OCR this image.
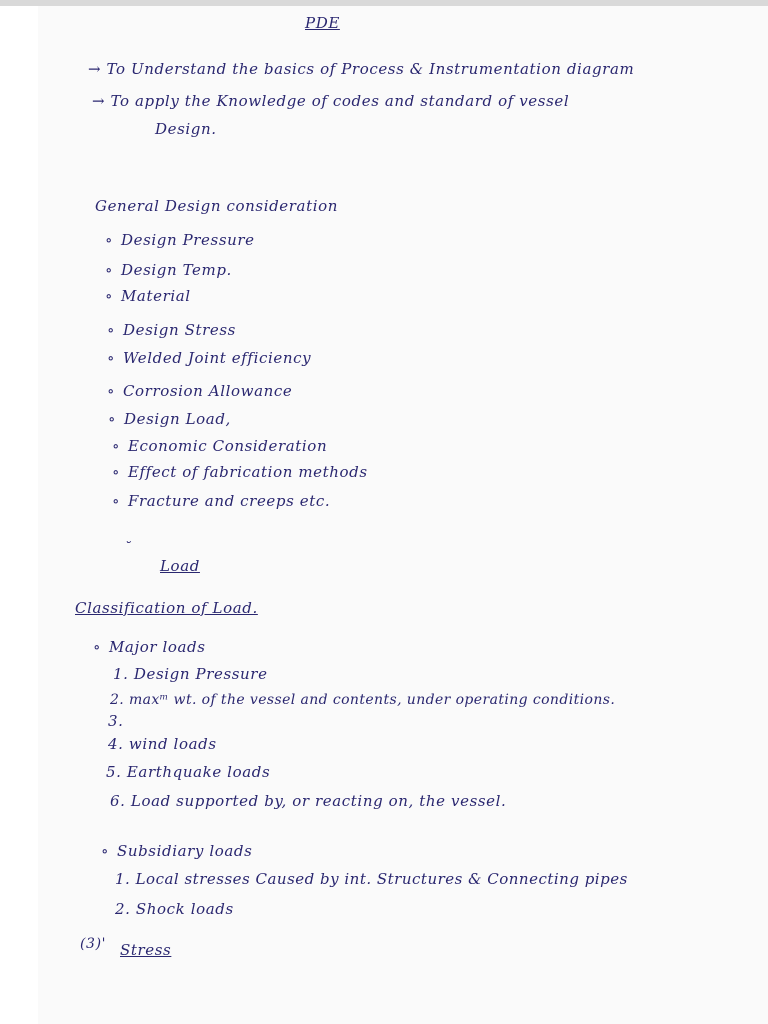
PDE
→ To Understand the basics of Process & Instrumentation diagram
→ To apply the Knowledge of codes and standard of vessel
Design.
General Design consideration
∘ Design Pressure
∘ Design Temp.
∘ Material
∘ Design Stress
∘ Welded Joint efficiency
∘ Corrosion Allowance
∘ Design Load,
∘ Economic Consideration
∘ Effect of fabrication methods
∘ Fracture and creeps etc.
˘
Load
Classification of Load.
∘ Major loads
1. Design Pressure
2. maxᵐ wt. of the vessel and contents, under operating conditions.
3.
4. wind loads
5. Earthquake loads
6. Load supported by, or reacting on, the vessel.
∘ Subsidiary loads
1. Local stresses Caused by int. Structures & Connecting pipes
2. Shock loads
(3)' Stress
